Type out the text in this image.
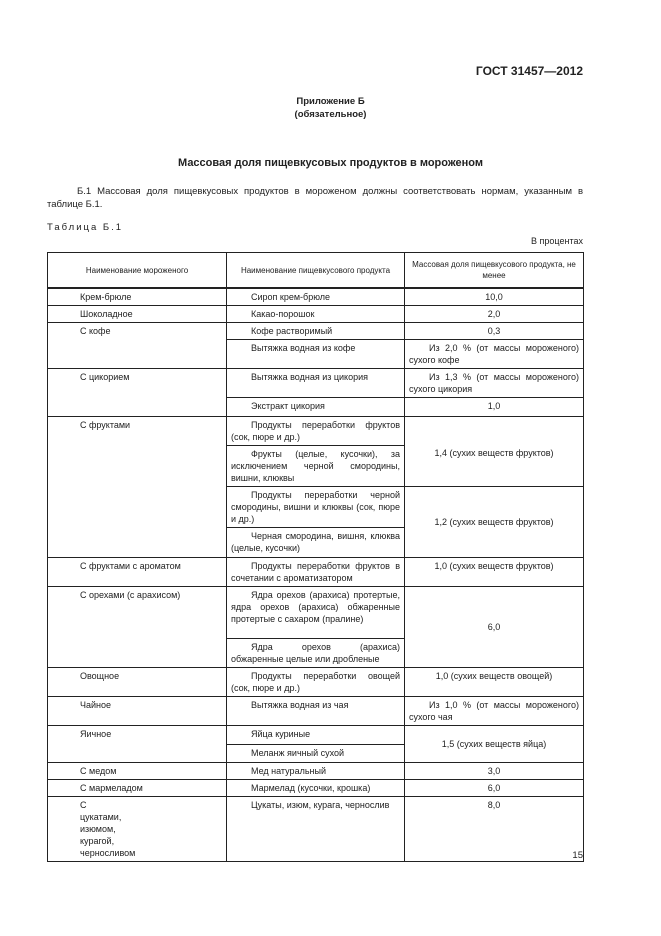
ГОСТ 31457—2012
Приложение Б
(обязательное)
Массовая доля пищевкусовых продуктов в мороженом
Б.1 Массовая доля пищевкусовых продуктов в мороженом должны соответствовать нормам, указанным в таблице Б.1.
Таблица Б.1
В процентах
Наименование мороженого	Наименование пищевкусового продукта	Массовая доля пищевкусового продукта, не менее
Крем-брюле	Сироп крем-брюле	10,0
Шоколадное	Какао-порошок	2,0
С кофе	Кофе растворимый	0,3
	Вытяжка водная из кофе	Из 2,0 % (от массы мороженого) сухого кофе
С цикорием	Вытяжка водная из цикория	Из 1,3 % (от массы мороженого) сухого цикория
	Экстракт цикория	1,0
С фруктами	Продукты переработки фруктов (сок, пюре и др.)	1,4 (сухих веществ фруктов)
	Фрукты (целые, кусочки), за исключением черной смородины, вишни, клюквы	
	Продукты переработки черной смородины, вишни и клюквы (сок, пюре и др.)	1,2 (сухих веществ фруктов)
	Черная смородина, вишня, клюква (целые, кусочки)	
С фруктами с ароматом	Продукты переработки фруктов в сочетании с ароматизатором	1,0 (сухих веществ фруктов)
С орехами (с арахисом)	Ядра орехов (арахиса) протертые, ядра орехов (арахиса) обжаренные протертые с сахаром (пралине)	6,0
	Ядра орехов (арахиса) обжаренные целые или дробленые	
Овощное	Продукты переработки овощей (сок, пюре и др.)	1,0 (сухих веществ овощей)
Чайное	Вытяжка водная из чая	Из 1,0 % (от массы мороженого) сухого чая
Яичное	Яйца куриные	1,5 (сухих веществ яйца)
	Меланж яичный сухой	
С медом	Мед натуральный	3,0
С мармеладом	Мармелад (кусочки, крошка)	6,0
С цукатами, изюмом, курагой, черносливом	Цукаты, изюм, курага, чернослив	8,0
15
